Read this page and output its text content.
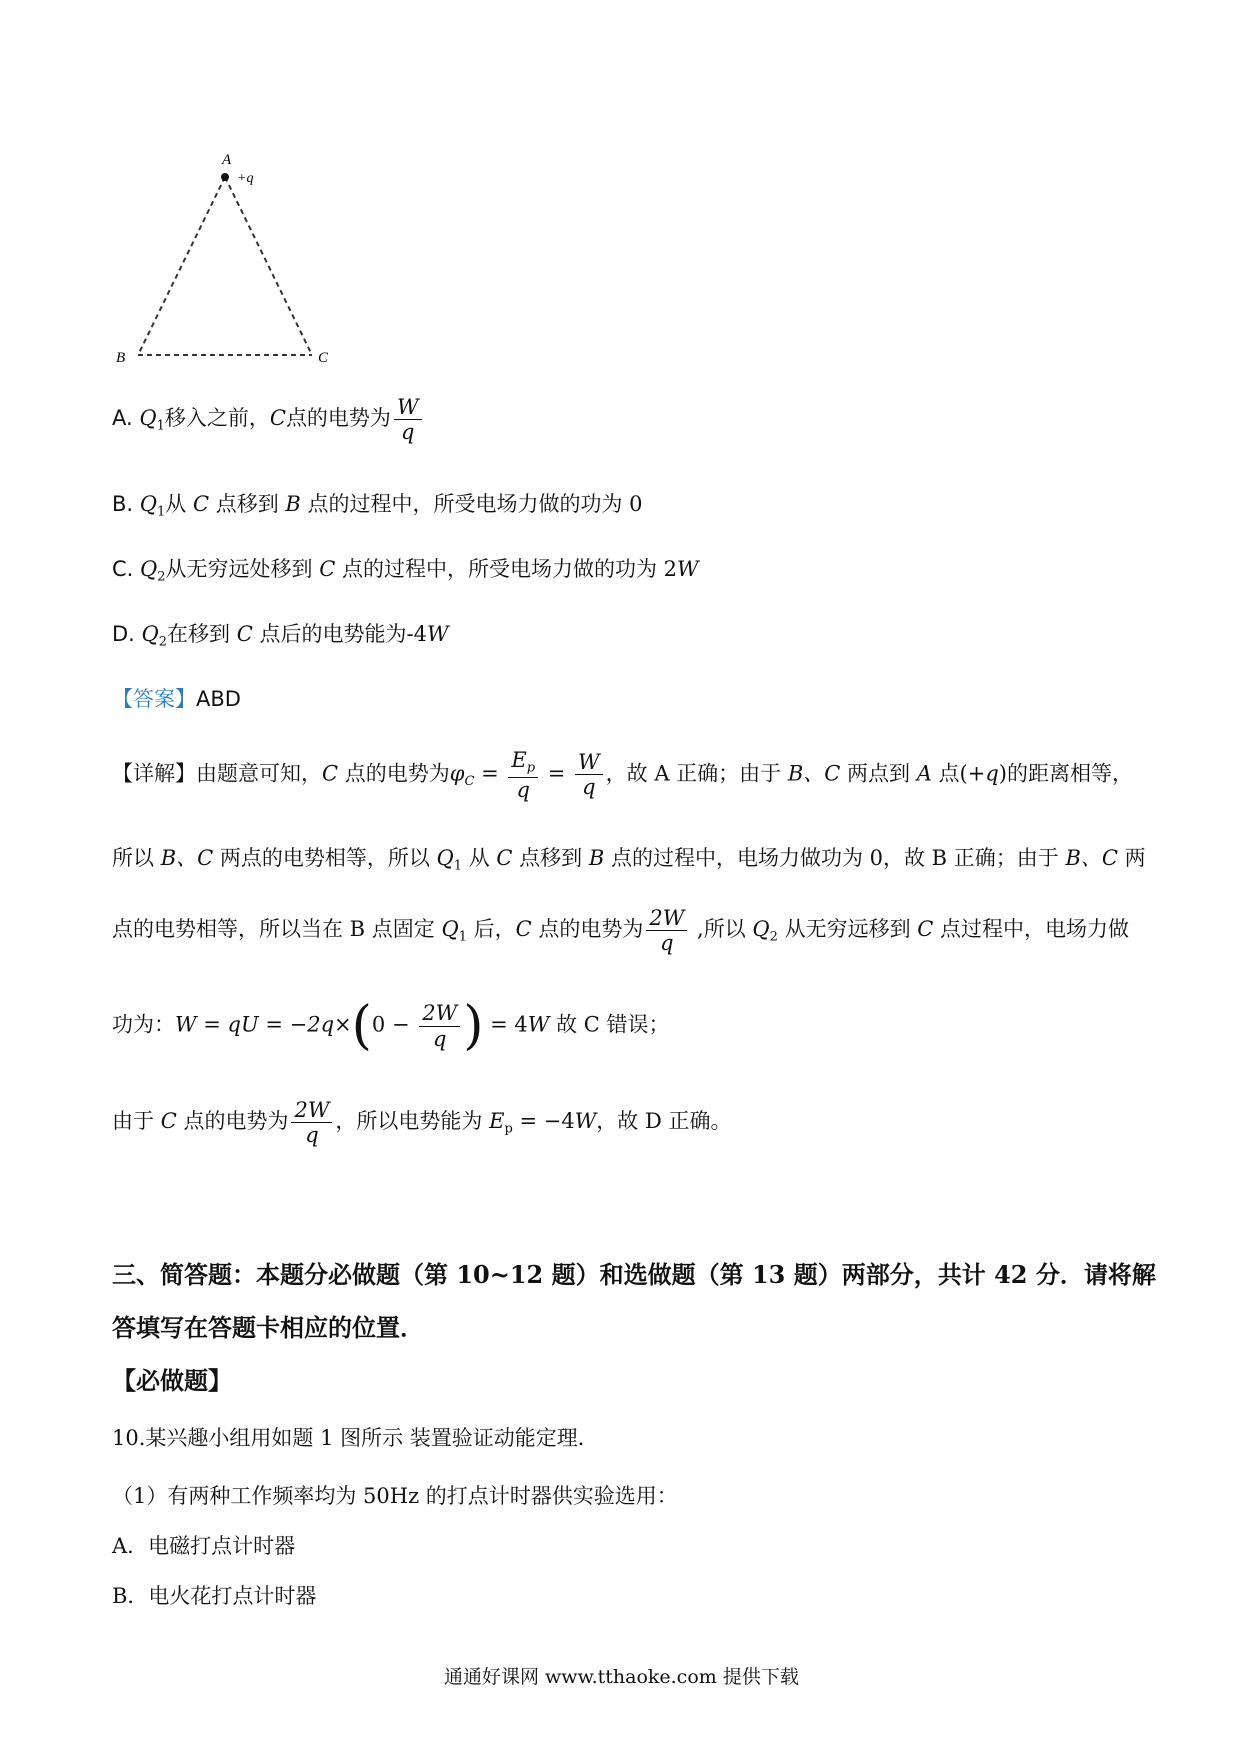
A
+q
B	C
A. $Q_1$移入之前，C点的电势为 $\frac{W}{q}$
B. $Q_1$从 C 点移到 B 点的过程中，所受电场力做的功为 0
C. $Q_2$从无穷远处移到 C 点的过程中，所受电场力做的功为 2W
D. $Q_2$在移到 C 点后的电势能为-4W
【答案】ABD
【详解】由题意可知，C 点的电势为$\varphi_C = \frac{E_p}{q} = \frac{W}{q}$ ，故 A 正确；由于 B、C 两点到 A 点(+q)的距离相等，
所以 B、C 两点的电势相等，所以 $Q_1$ 从 C 点移到 B 点的过程中，电场力做功为 0，故 B 正确；由于 B、C 两
点的电势相等，所以当在 B 点固定 $Q_1$ 后，C 点的电势为 $\frac{2W}{q}$ ,所以 $Q_2$ 从无穷远移到 C 点过程中，电场力做
功为：W = qU = $-2q\times(0 - \frac{2W}{q}$ ) = 4W 故 C 错误；
由于 C 点的电势为 $\frac{2W}{q}$ ，所以电势能为 $E_p = -4W$，故 D 正确。
三、简答题：本题分必做题（第 10~12 题）和选做题（第 13 题）两部分，共计 42 分．请将解
答填写在答题卡相应的位置．
【必做题】
10.某兴趣小组用如题 1 图所示 装置验证动能定理．
（1）有两种工作频率均为 50Hz 的打点计时器供实验选用：
A．电磁打点计时器
B．电火花打点计时器
通通好课网 www.tthaoke.com 提供下载
